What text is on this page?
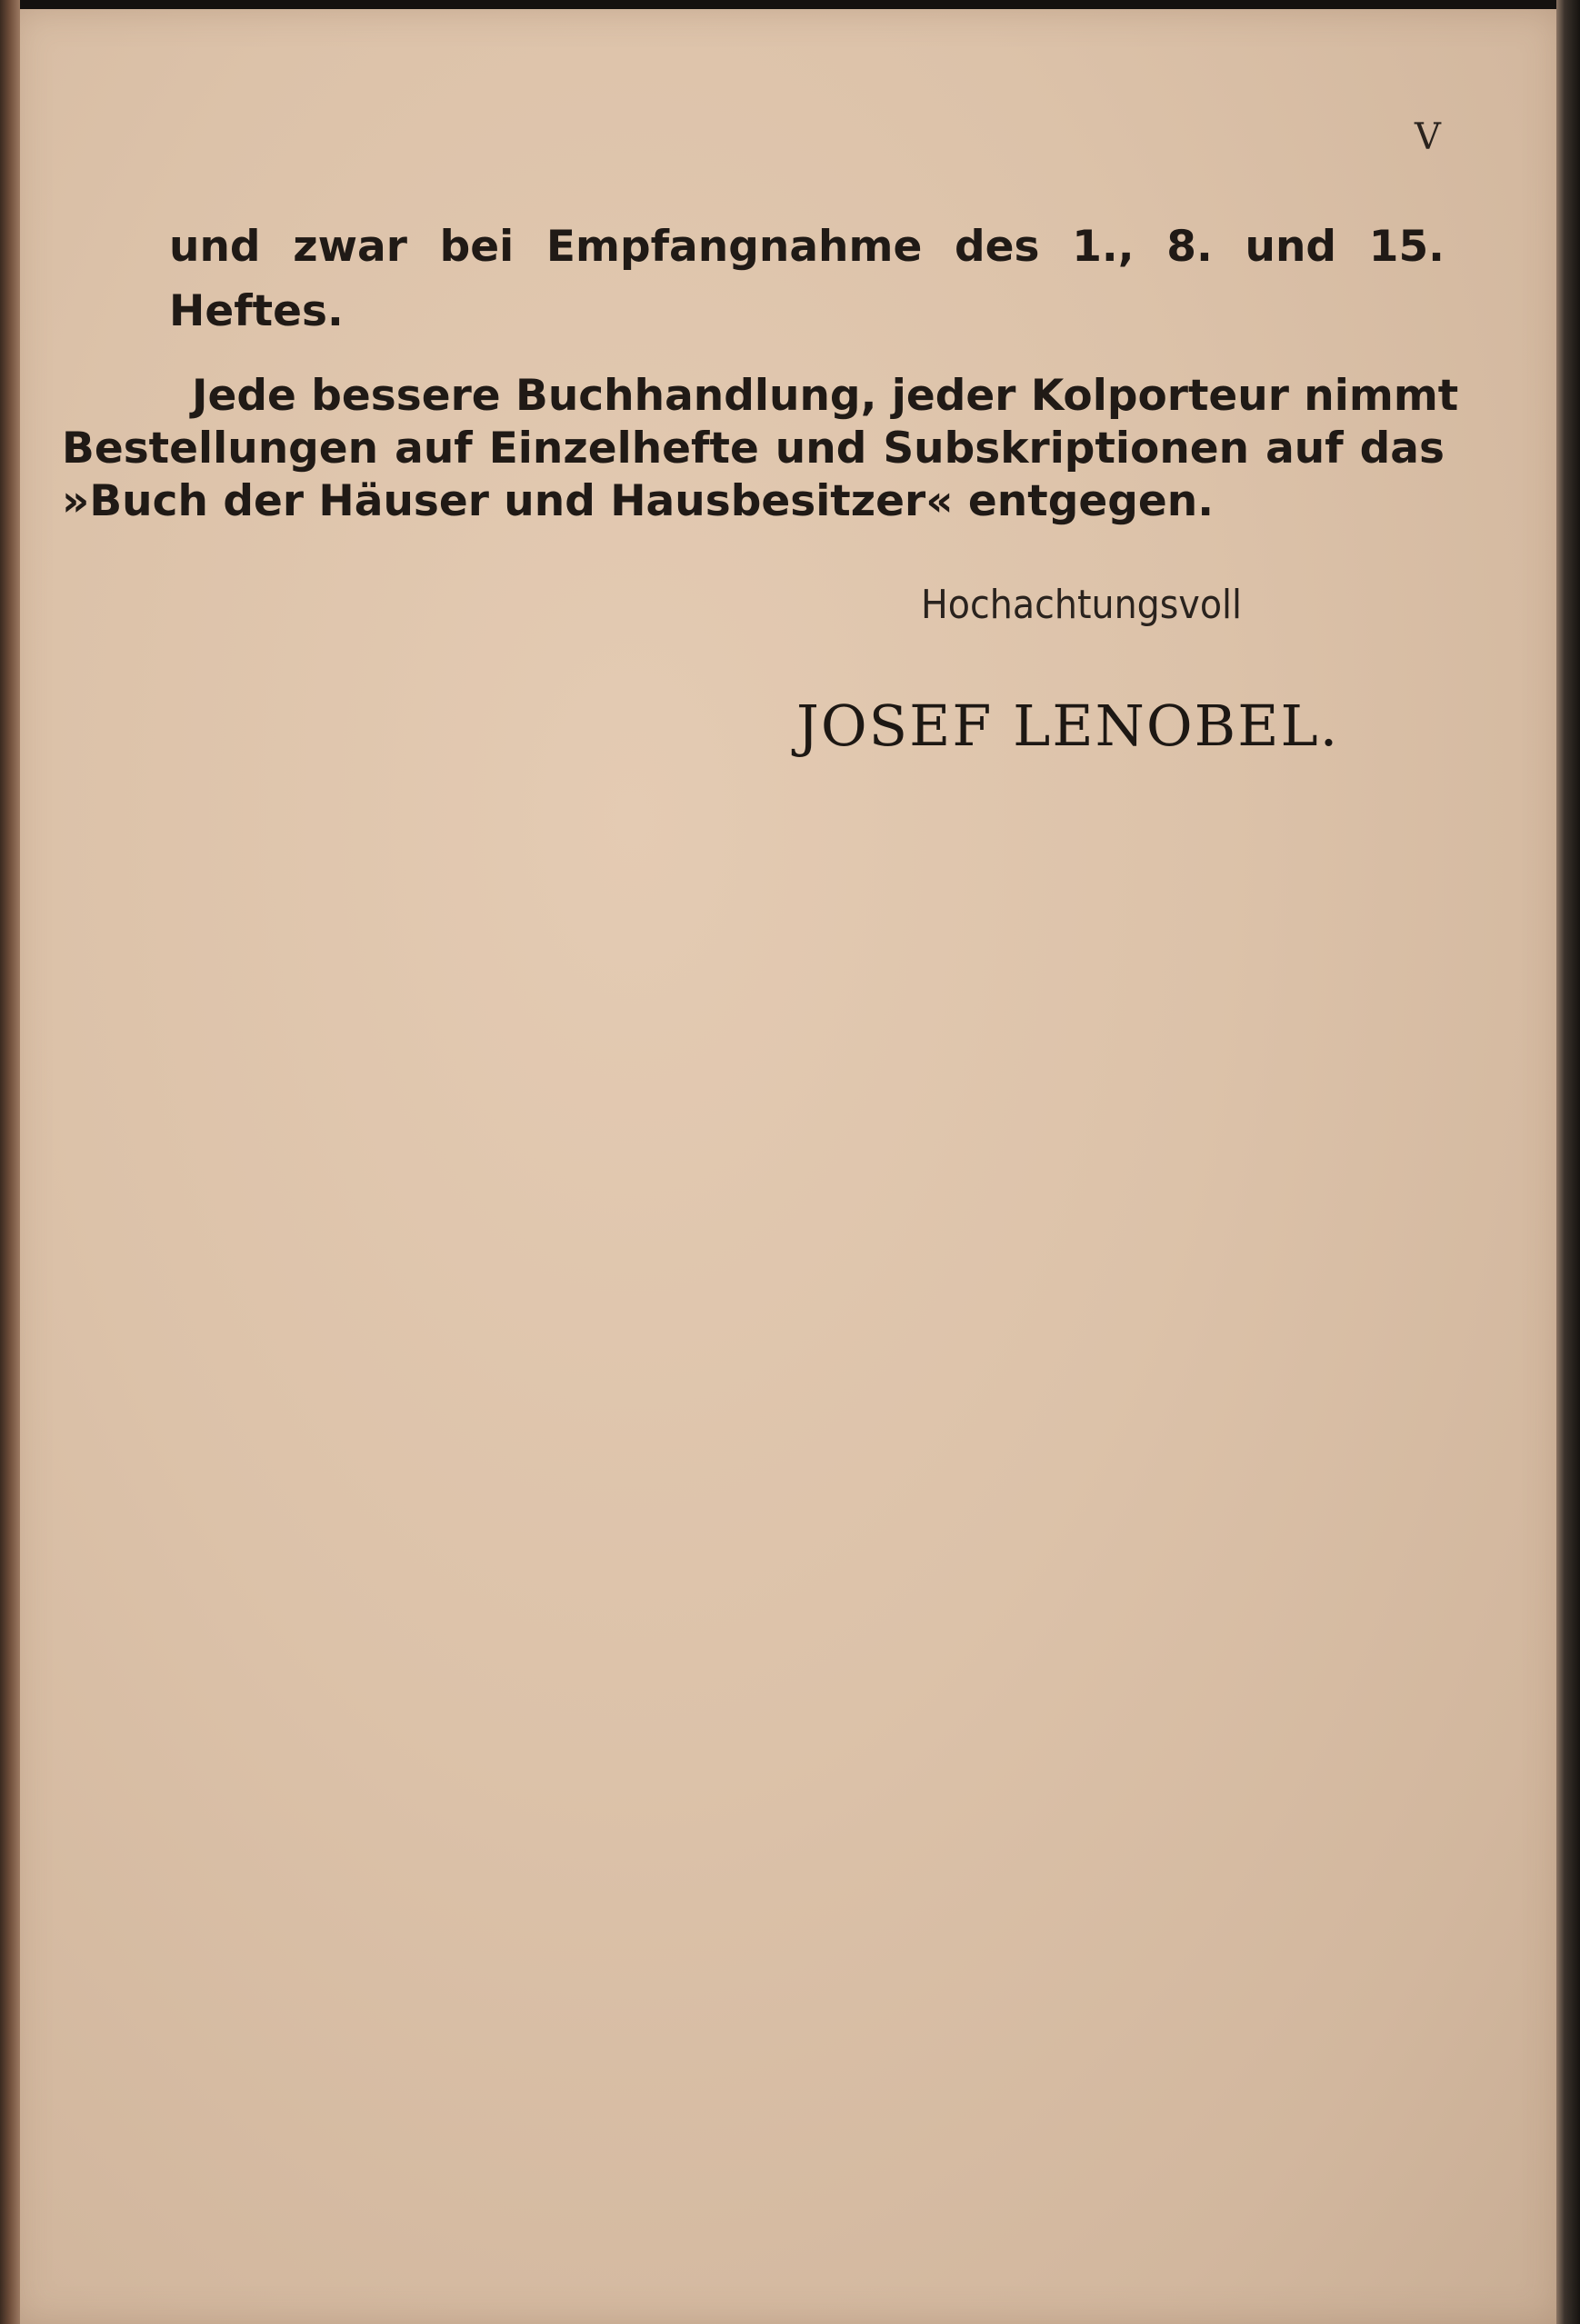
V
und zwar bei Empfangnahme des 1., 8. und 15.
Heftes.
Jede bessere Buchhandlung, jeder Kolporteur nimmt
Bestellungen auf Einzelhefte und Subskriptionen auf das
»Buch der Häuser und Hausbesitzer« entgegen.
Hochachtungsvoll
JOSEF LENOBEL.
